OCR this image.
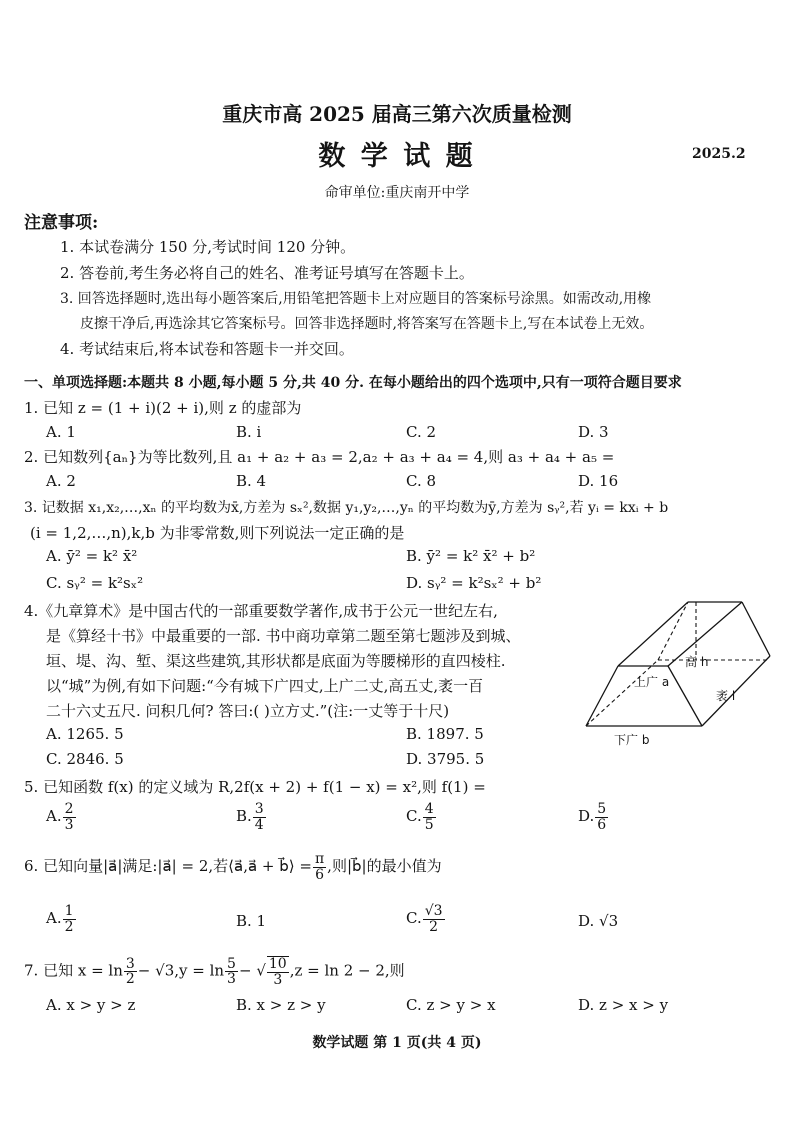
重庆市高 2025 届高三第六次质量检测
数 学 试 题	2025.2
命审单位:重庆南开中学
注意事项:
1. 本试卷满分 150 分,考试时间 120 分钟。
2. 答卷前,考生务必将自己的姓名、准考证号填写在答题卡上。
3. 回答选择题时,选出每小题答案后,用铅笔把答题卡上对应题目的答案标号涂黑。如需改动,用橡
皮擦干净后,再选涂其它答案标号。回答非选择题时,将答案写在答题卡上,写在本试卷上无效。
4. 考试结束后,将本试卷和答题卡一并交回。
一、单项选择题:本题共 8 小题,每小题 5 分,共 40 分. 在每小题给出的四个选项中,只有一项符合题目要求
1. 已知 z = (1 + i)(2 + i),则 z 的虚部为
A. 1	B. i	C. 2	D. 3
2. 已知数列{aₙ}为等比数列,且 a₁ + a₂ + a₃ = 2,a₂ + a₃ + a₄ = 4,则 a₃ + a₄ + a₅ =
A. 2	B. 4	C. 8	D. 16
3. 记数据 x₁,x₂,…,xₙ 的平均数为x̄,方差为 sₓ²,数据 y₁,y₂,…,yₙ 的平均数为ȳ,方差为 sᵧ²,若 yᵢ = kxᵢ + b
(i = 1,2,…,n),k,b 为非零常数,则下列说法一定正确的是
A. ȳ² = k² x̄²	B. ȳ² = k² x̄² + b²
C. sᵧ² = k²sₓ²	D. sᵧ² = k²sₓ² + b²
4.《九章算术》是中国古代的一部重要数学著作,成书于公元一世纪左右,
是《算经十书》中最重要的一部. 书中商功章第二题至第七题涉及到城、
垣、堤、沟、堑、渠这些建筑,其形状都是底面为等腰梯形的直四棱柱.
以“城”为例,有如下问题:“今有城下广四丈,上广二丈,高五丈,袤一百
二十六丈五尺. 问积几何? 答曰:( )立方丈.”(注:一丈等于十尺)
A. 1265. 5	B. 1897. 5
C. 2846. 5	D. 3795. 5
高 h
上广 a
袤 l
下广 b
5. 已知函数 f(x) 的定义域为 R,2f(x + 2) + f(1 − x) = x²,则 f(1) =
A. $\frac{2}{3}$	B. $\frac{3}{4}$	C. $\frac{4}{5}$	D. $\frac{5}{6}$
6. 已知向量|a⃗|满足:|a⃗| = 2,若⟨a⃗,a⃗ + b⃗⟩ = $\frac{\pi}{6}$ ,则|b⃗|的最小值为
A. $\frac{1}{2}$	B. 1	C. $\frac{√3}{2}$	D. √3
7. 已知 $x = \ln \frac{3}{2} - √3,y = \ln \frac{5}{3}$ − √ $\frac{10}{3} ,z = \ln 2 - 2$,则
A. x > y > z	B. x > z > y	C. z > y > x	D. z > x > y
数学试题 第 1 页(共 4 页)
